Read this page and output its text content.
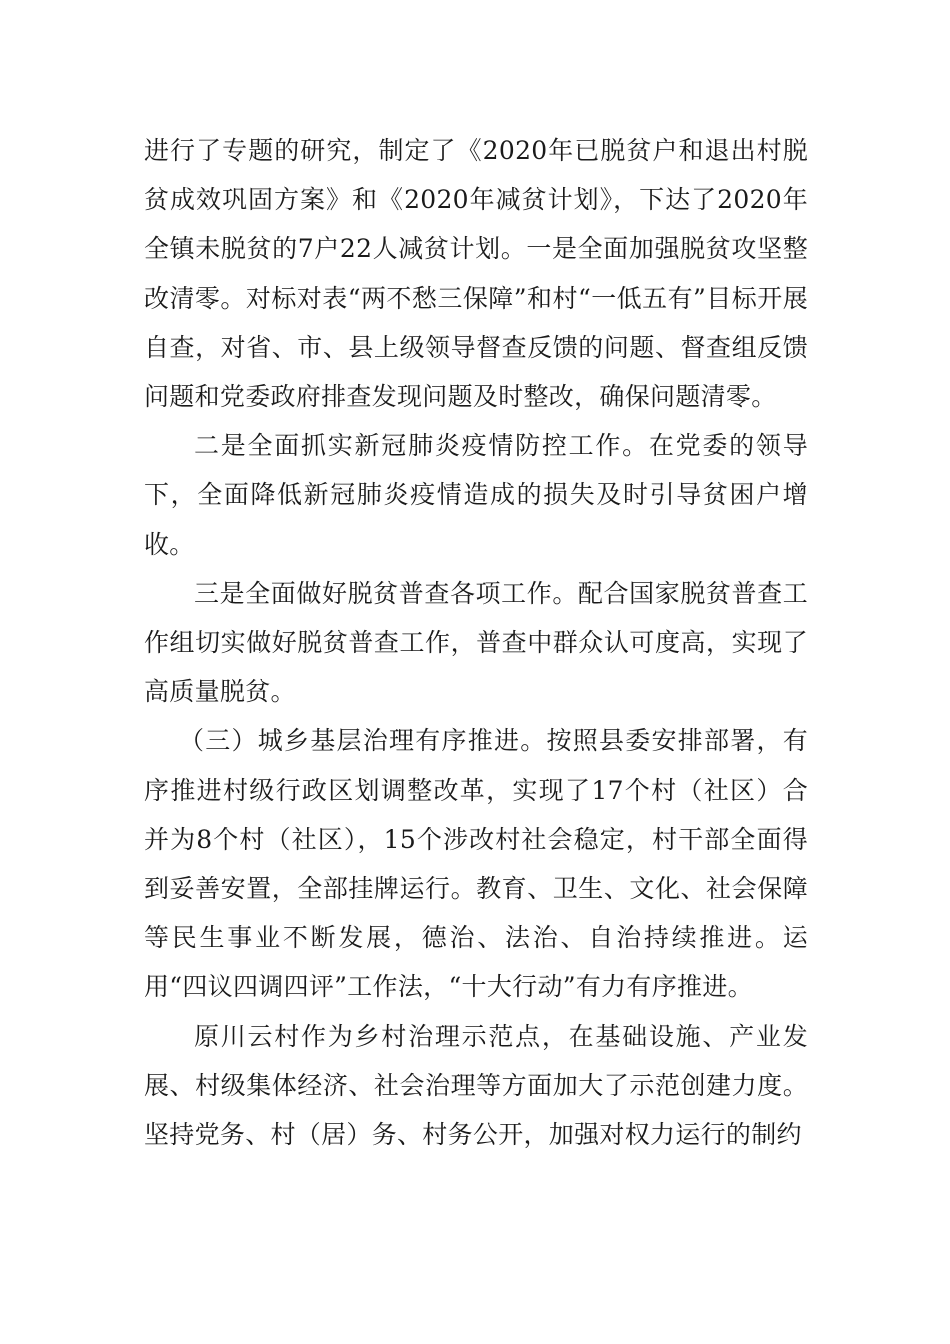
进行了专题的研究，制定了《2020年已脱贫户和退出村脱贫成效巩固方案》和《2020年减贫计划》，下达了2020年全镇未脱贫的7户22人减贫计划。一是全面加强脱贫攻坚整改清零。对标对表“两不愁三保障”和村“一低五有”目标开展自查，对省、市、县上级领导督查反馈的问题、督查组反馈问题和党委政府排查发现问题及时整改，确保问题清零。

二是全面抓实新冠肺炎疫情防控工作。在党委的领导下，全面降低新冠肺炎疫情造成的损失及时引导贫困户增收。

三是全面做好脱贫普查各项工作。配合国家脱贫普查工作组切实做好脱贫普查工作，普查中群众认可度高，实现了高质量脱贫。

（三）城乡基层治理有序推进。按照县委安排部署，有序推进村级行政区划调整改革，实现了17个村（社区）合并为8个村（社区），15个涉改村社会稳定，村干部全面得到妥善安置，全部挂牌运行。教育、卫生、文化、社会保障等民生事业不断发展，德治、法治、自治持续推进。运用“四议四调四评”工作法，“十大行动”有力有序推进。

原川云村作为乡村治理示范点，在基础设施、产业发展、村级集体经济、社会治理等方面加大了示范创建力度。坚持党务、村（居）务、村务公开，加强对权力运行的制约
